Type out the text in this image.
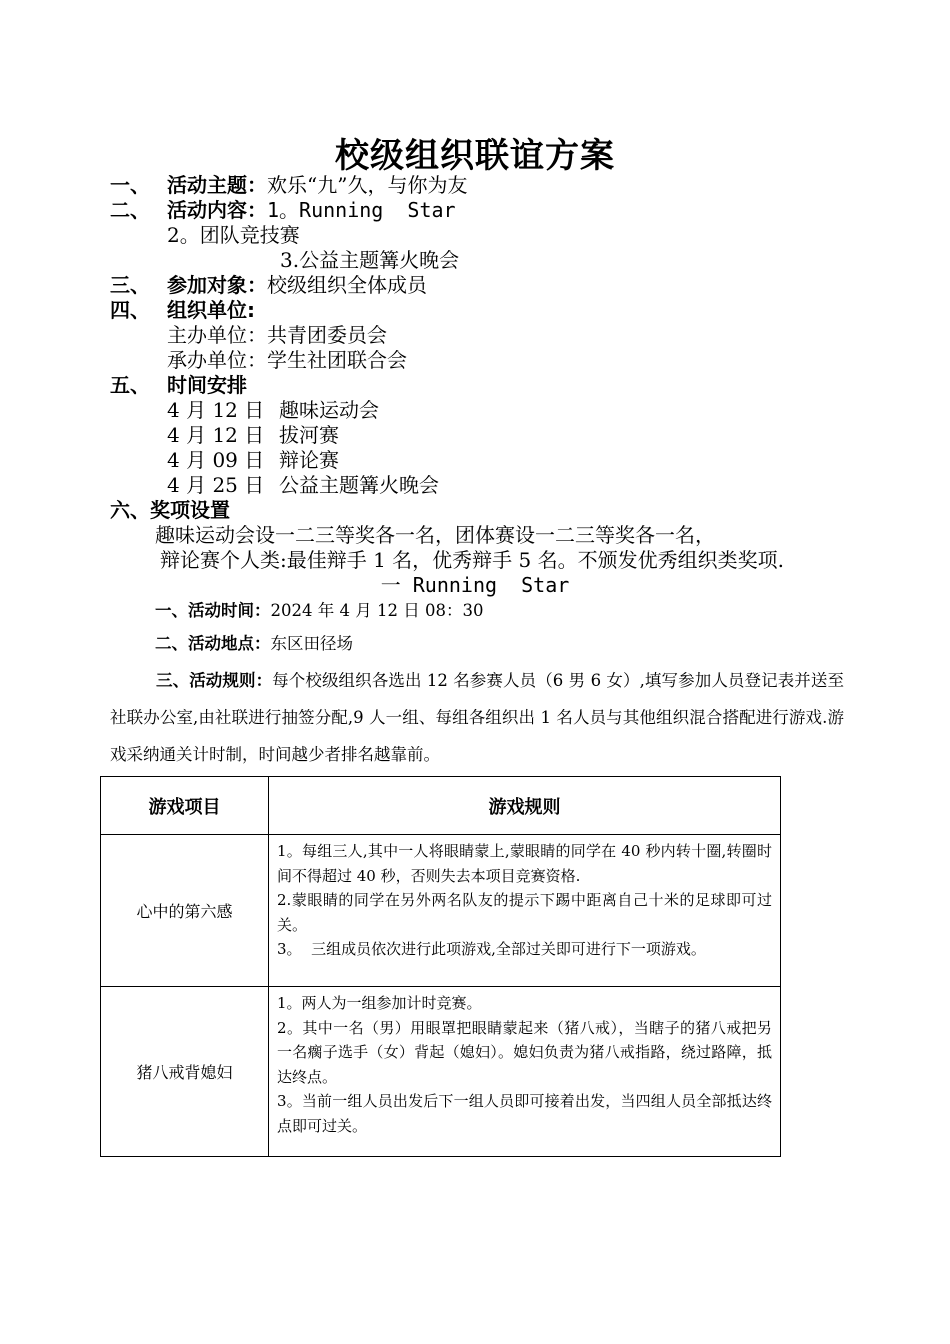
校级组织联谊方案
一、 活动主题：欢乐“九”久，与你为友
二、 活动内容：1。Running  Star
2。团队竞技赛
3.公益主题篝火晚会
三、 参加对象：校级组织全体成员
四、 组织单位:
主办单位：共青团委员会
承办单位：学生社团联合会
五、 时间安排
4 月 12 日 趣味运动会
4 月 12 日 拔河赛
4 月 09 日 辩论赛
4 月 25 日 公益主题篝火晚会
六、奖项设置
趣味运动会设一二三等奖各一名，团体赛设一二三等奖各一名，
辩论赛个人类:最佳辩手 1 名，优秀辩手 5 名。不颁发优秀组织类奖项.
一 Running  Star
一、活动时间：2024 年 4 月 12 日 08：30
二、活动地点：东区田径场
三、活动规则：每个校级组织各选出 12 名参赛人员（6 男 6 女）,填写参加人员登记表并送至社联办公室,由社联进行抽签分配,9 人一组、每组各组织出 1 名人员与其他组织混合搭配进行游戏.游戏采纳通关计时制，时间越少者排名越靠前。
游戏项目	游戏规则
心中的第六感	1。每组三人,其中一人将眼睛蒙上,蒙眼睛的同学在 40 秒内转十圈,转圈时间不得超过 40 秒，否则失去本项目竞赛资格.
2.蒙眼睛的同学在另外两名队友的提示下踢中距离自己十米的足球即可过关。
3。  三组成员依次进行此项游戏,全部过关即可进行下一项游戏。

猪八戒背媳妇	1。两人为一组参加计时竞赛。
2。其中一名（男）用眼罩把眼睛蒙起来（猪八戒），当瞎子的猪八戒把另一名瘸子选手（女）背起（媳妇）。媳妇负责为猪八戒指路，绕过路障，抵达终点。
3。当前一组人员出发后下一组人员即可接着出发，当四组人员全部抵达终点即可过关。
